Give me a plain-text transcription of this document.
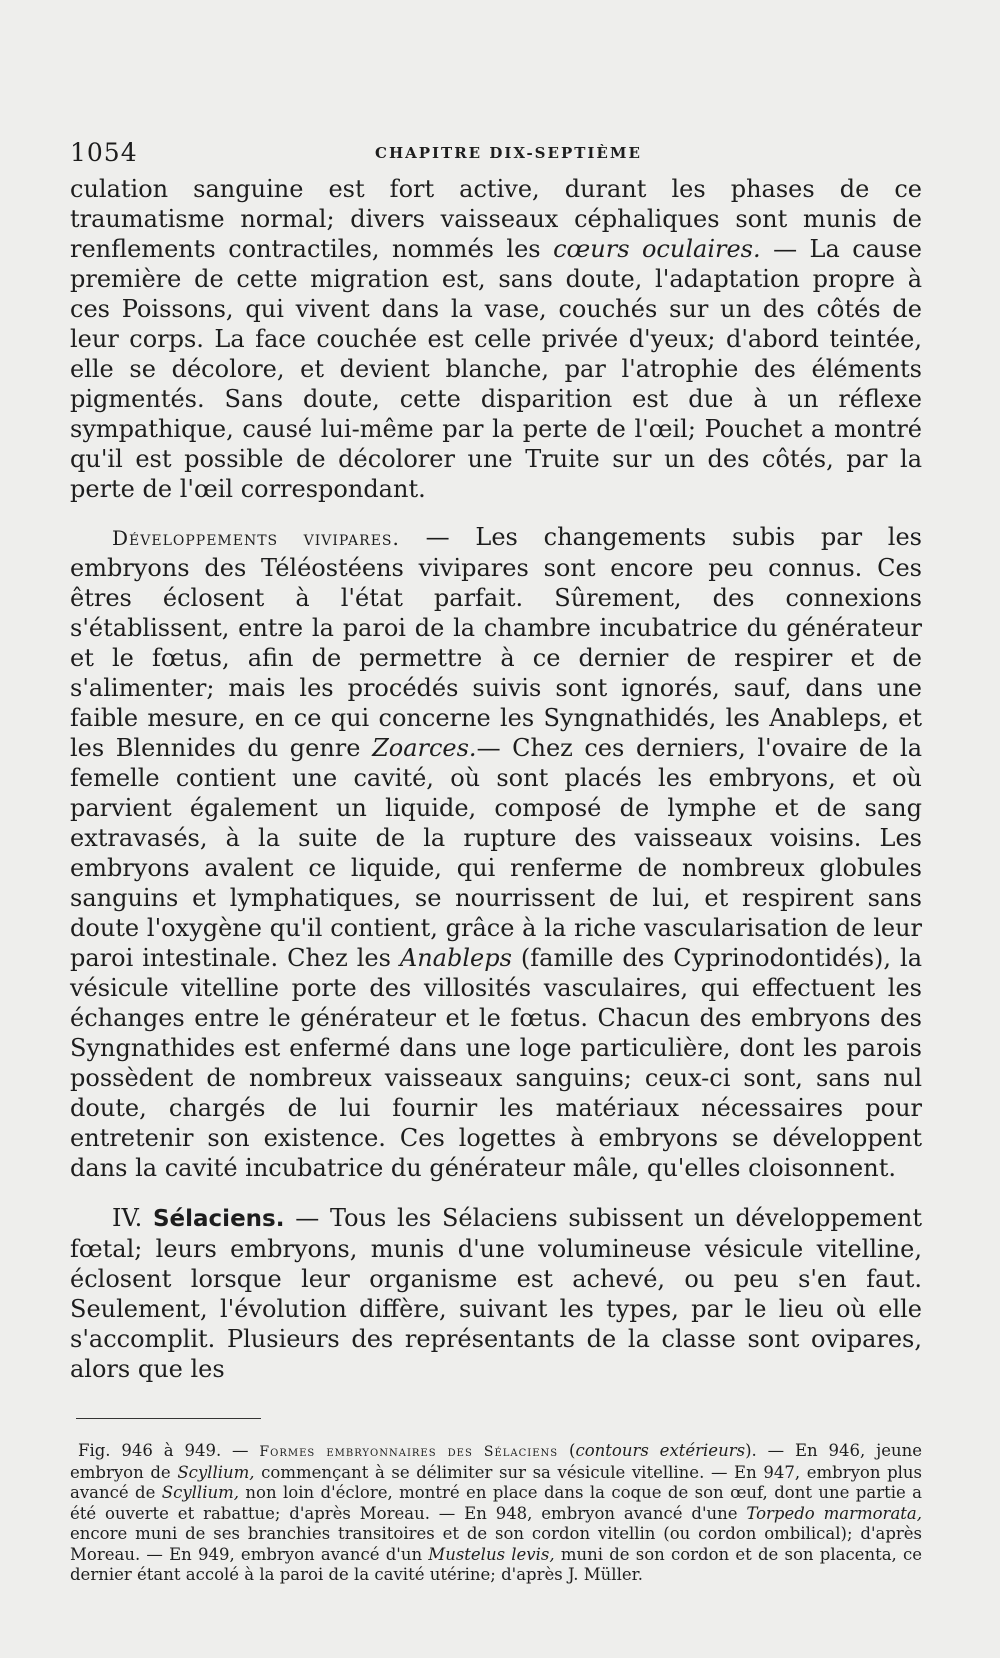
1054	CHAPITRE DIX-SEPTIÈME

culation sanguine est fort active, durant les phases de ce traumatisme normal; divers vaisseaux céphaliques sont munis de renflements contractiles, nommés les cœurs oculaires. — La cause première de cette migration est, sans doute, l'adaptation propre à ces Poissons, qui vivent dans la vase, couchés sur un des côtés de leur corps. La face couchée est celle privée d'yeux; d'abord teintée, elle se décolore, et devient blanche, par l'atrophie des éléments pigmentés. Sans doute, cette disparition est due à un réflexe sympathique, causé lui-même par la perte de l'œil; Pouchet a montré qu'il est possible de décolorer une Truite sur un des côtés, par la perte de l'œil correspondant.

Développements vivipares. — Les changements subis par les embryons des Téléostéens vivipares sont encore peu connus. Ces êtres éclosent à l'état parfait. Sûrement, des connexions s'établissent, entre la paroi de la chambre incubatrice du générateur et le fœtus, afin de permettre à ce dernier de respirer et de s'alimenter; mais les procédés suivis sont ignorés, sauf, dans une faible mesure, en ce qui concerne les Syngnathidés, les Anableps, et les Blennides du genre Zoarces.— Chez ces derniers, l'ovaire de la femelle contient une cavité, où sont placés les embryons, et où parvient également un liquide, composé de lymphe et de sang extravasés, à la suite de la rupture des vaisseaux voisins. Les embryons avalent ce liquide, qui renferme de nombreux globules sanguins et lymphatiques, se nourrissent de lui, et respirent sans doute l'oxygène qu'il contient, grâce à la riche vascularisation de leur paroi intestinale. Chez les Anableps (famille des Cyprinodontidés), la vésicule vitelline porte des villosités vasculaires, qui effectuent les échanges entre le générateur et le fœtus. Chacun des embryons des Syngnathides est enfermé dans une loge particulière, dont les parois possèdent de nombreux vaisseaux sanguins; ceux-ci sont, sans nul doute, chargés de lui fournir les matériaux nécessaires pour entretenir son existence. Ces logettes à embryons se développent dans la cavité incubatrice du générateur mâle, qu'elles cloisonnent.

IV. Sélaciens. — Tous les Sélaciens subissent un développement fœtal; leurs embryons, munis d'une volumineuse vésicule vitelline, éclosent lorsque leur organisme est achevé, ou peu s'en faut. Seulement, l'évolution diffère, suivant les types, par le lieu où elle s'accomplit. Plusieurs des représentants de la classe sont ovipares, alors que les

Fig. 946 à 949. — Formes embryonnaires des Sélaciens (contours extérieurs). — En 946, jeune embryon de Scyllium, commençant à se délimiter sur sa vésicule vitelline. — En 947, embryon plus avancé de Scyllium, non loin d'éclore, montré en place dans la coque de son œuf, dont une partie a été ouverte et rabattue; d'après Moreau. — En 948, embryon avancé d'une Torpedo marmorata, encore muni de ses branchies transitoires et de son cordon vitellin (ou cordon ombilical); d'après Moreau. — En 949, embryon avancé d'un Mustelus levis, muni de son cordon et de son placenta, ce dernier étant accolé à la paroi de la cavité utérine; d'après J. Müller.
